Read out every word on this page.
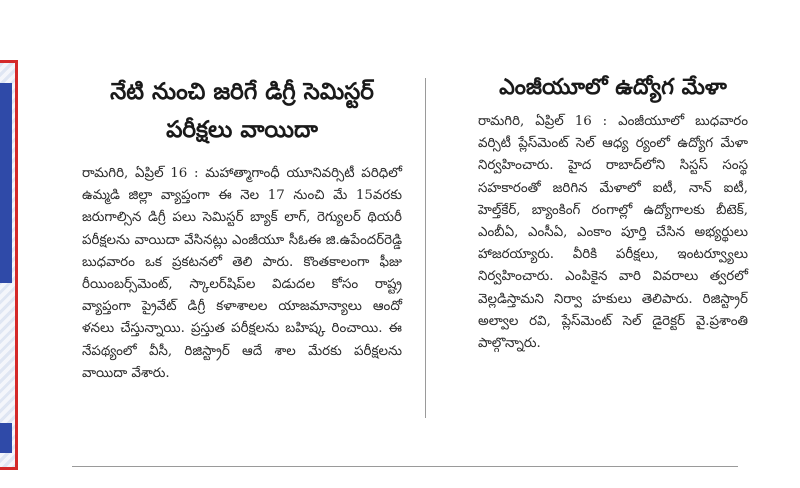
నేటి నుంచి జరిగే డిగ్రీ సెమిస్టర్
పరీక్షలు వాయిదా

రామగిరి, ఏప్రిల్ 16 : మహాత్మాగాంధీ యూనివర్సిటీ పరిధిలో ఉమ్మడి జిల్లా వ్యాప్తంగా ఈ నెల 17 నుంచి మే 15వరకు జరుగాల్సిన డిగ్రీ పలు సెమిస్టర్ బ్యాక్ లాగ్, రెగ్యులర్ థియరీ పరీక్షలను వాయిదా వేసినట్లు ఎంజీయూ సీఓఈ జి.ఉపేందర్‌రెడ్డి బుధవారం ఒక ప్రకటనలో తెలి పారు. కొంతకాలంగా ఫీజు రీయింబర్స్‌మెంట్, స్కాలర్‌షిప్‌ల విడుదల కోసం రాష్ట్ర వ్యాప్తంగా ప్రైవేట్ డిగ్రీ కళాశాలల యాజమాన్యాలు ఆందో ళనలు చేస్తున్నాయి. ప్రస్తుత పరీక్షలను బహిష్క రించాయి. ఈ నేపథ్యంలో వీసీ, రిజిస్ట్రార్ ఆదే శాల మేరకు పరీక్షలను వాయిదా వేశారు.

ఎంజీయూలో ఉద్యోగ మేళా

రామగిరి, ఏప్రిల్ 16 : ఎంజీయూలో బుధవారం వర్సిటీ ప్లేస్‌మెంట్ సెల్ ఆధ్య ర్యంలో ఉద్యోగ మేళా నిర్వహించారు. హైద రాబాద్‌లోని సిస్టస్ సంస్థ సహకారంతో జరిగిన మేళాలో ఐటీ, నాన్ ఐటీ, హెల్త్‌కేర్, బ్యాంకింగ్ రంగాల్లో ఉద్యోగాలకు బీటెక్, ఎంబీఏ, ఎంసీఏ, ఎంకాం పూర్తి చేసిన అభ్యర్థులు హాజరయ్యారు. వీరికి పరీక్షలు, ఇంటర్వ్యూలు నిర్వహించారు. ఎంపికైన వారి వివరాలు త్వరలో వెల్లడిస్తామని నిర్వా హకులు తెలిపారు. రిజిస్ట్రార్ అల్వాల రవి, ప్లేస్‌మెంట్ సెల్ డైరెక్టర్ వై.ప్రశాంతి పాల్గొన్నారు.
